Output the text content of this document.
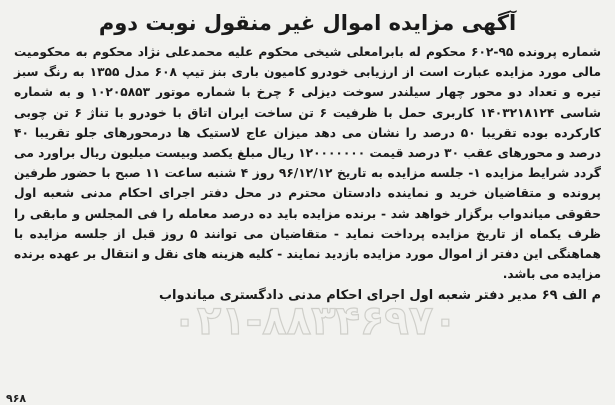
آگهی مزایده اموال غیر منقول نوبت دوم

شماره پرونده ۹۵-۶۰۲ محکوم له بابرامعلی شیخی محکوم علیه محمدعلی نژاد محکوم به محکومیت مالی مورد مزایده عبارت است از ارزیابی خودرو کامیون باری بنز تیپ ۶۰۸ مدل ۱۳۵۵ به رنگ سبز تیره و تعداد دو محور چهار سیلندر سوخت دیزلی ۶ چرخ با شماره موتور ۱۰۲۰۵۸۵۳ و به شماره شاسی ۱۴۰۳۲۱۸۱۲۴ کاربری حمل با ظرفیت ۶ تن ساخت ایران اتاق با خودرو با تناژ ۶ تن چوبی کارکرده بوده تقریبا ۵۰ درصد را نشان می دهد میزان عاج لاستیک ها درمحورهای جلو تقریبا ۴۰ درصد و محورهای عقب ۳۰ درصد قیمت ۱۲۰۰۰۰۰۰۰ ریال مبلغ یکصد وبیست میلیون ریال براورد می گردد شرایط مزایده ۱- جلسه مزایده به تاریخ ۹۶/۱۲/۱۲ روز ۴ شنبه ساعت ۱۱ صبح با حضور طرفین پرونده و متقاضیان خرید و نماینده دادستان محترم در محل دفتر اجرای احکام مدنی شعبه اول حقوقی میاندواب برگزار خواهد شد - برنده مزایده باید ده درصد معامله را فی المجلس و مابقی را ظرف یکماه از تاریخ مزایده پرداخت نماید - متقاضیان می توانند ۵ روز قبل از جلسه مزایده با هماهنگی این دفتر از اموال مورد مزایده بازدید نمایند - کلیه هزینه های نقل و انتقال بر عهده برنده مزایده می باشد.

م الف ۶۹ مدیر دفتر شعبه اول اجرای احکام مدنی دادگستری میاندواب
۰۲۱-۸۸۳۴۶۹۷۰
۹۶۸
